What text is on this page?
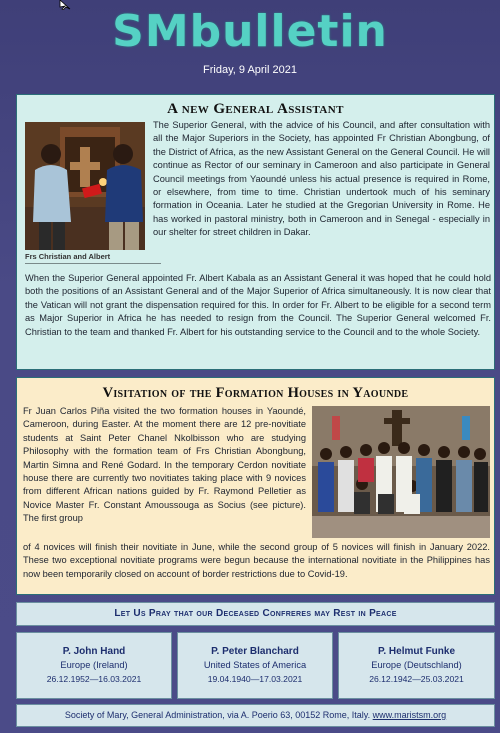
SMbulletin
Friday, 9 April 2021
A new General Assistant
Frs Christian and Albert
The Superior General, with the advice of his Council, and after consultation with all the Major Superiors in the Society, has appointed Fr Christian Abongbung, of the District of Africa, as the new Assistant General on the General Council. He will continue as Rector of our seminary in Cameroon and also participate in General Council meetings from Yaoundé unless his actual presence is required in Rome, or elsewhere, from time to time. Christian undertook much of his seminary formation in Oceania. Later he studied at the Gregorian University in Rome. He has worked in pastoral ministry, both in Cameroon and in Senegal - especially in our shelter for street children in Dakar.
When the Superior General appointed Fr. Albert Kabala as an Assistant General it was hoped that he could hold both the positions of an Assistant General and of the Major Superior of Africa simultaneously. It is now clear that the Vatican will not grant the dispensation required for this. In order for Fr. Albert to be eligible for a second term as Major Superior in Africa he has needed to resign from the Council. The Superior General welcomed Fr. Christian to the team and thanked Fr. Albert for his outstanding service to the Council and to the whole Society.
Visitation of the Formation Houses in Yaounde
Fr Juan Carlos Piña visited the two formation houses in Yaoundé, Cameroon, during Easter. At the moment there are 12 pre-novitiate students at Saint Peter Chanel Nkolbisson who are studying Philosophy with the formation team of Frs Christian Abongbung, Martin Simna and René Godard. In the temporary Cerdon novitiate house there are currently two novitiates taking place with 9 novices from different African nations guided by Fr. Raymond Pelletier as Novice Master Fr. Constant Amoussouga as Socius (see picture). The first group
of 4 novices will finish their novitiate in June, while the second group of 5 novices will finish in January 2022. These two exceptional novitiate programs were begun because the international novitiate in the Philippines has now been temporarily closed on account of border restrictions due to Covid-19.
Let Us Pray that our Deceased Confreres may Rest in Peace
P. John Hand
Europe (Ireland)
26.12.1952—16.03.2021
P. Peter Blanchard
United States of America
19.04.1940—17.03.2021
P. Helmut Funke
Europe (Deutschland)
26.12.1942—25.03.2021
Society of Mary, General Administration, via A. Poerio 63, 00152 Rome, Italy. www.maristsm.org
